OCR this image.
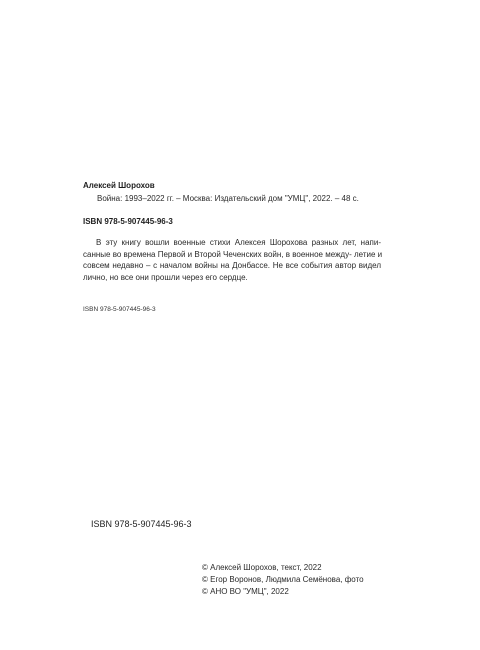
Алексей Шорохов
Война: 1993–2022 гг. – Москва: Издательский дом "УМЦ", 2022. – 48 с.
ISBN 978-5-907445-96-3
В эту книгу вошли военные стихи Алексея Шорохова разных лет, напи-
санные во времена Первой и Второй Чеченских войн, в военное между- летие и
совсем недавно – с началом войны на Донбассе. Не все события автор видел
лично, но все они прошли через его сердце.
ISBN 978-5-907445-96-3
ISBN 978-5-907445-96-3
© Алексей Шорохов, текст, 2022
© Егор Воронов, Людмила Семёнова, фото
© АНО ВО "УМЦ", 2022
